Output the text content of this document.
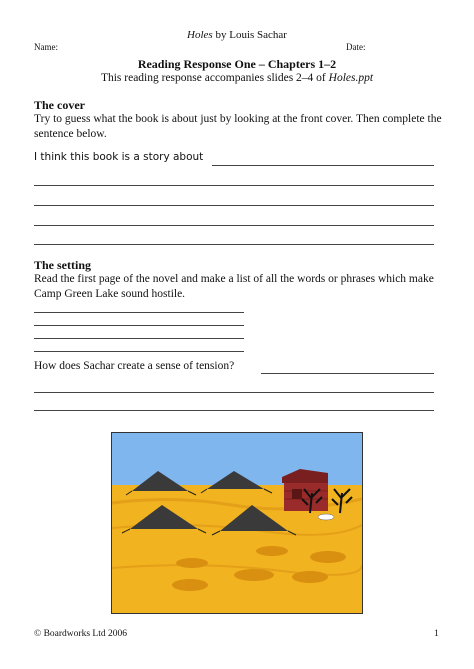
Holes by Louis Sachar
Name:	Date:
Reading Response One – Chapters 1–2
This reading response accompanies slides 2–4 of Holes.ppt
The cover
Try to guess what the book is about just by looking at the front cover. Then complete the sentence below.
I think this book is a story about
The setting
Read the first page of the novel and make a list of all the words or phrases which make Camp Green Lake sound hostile.
How does Sachar create a sense of tension?
© Boardworks Ltd 2006	1
